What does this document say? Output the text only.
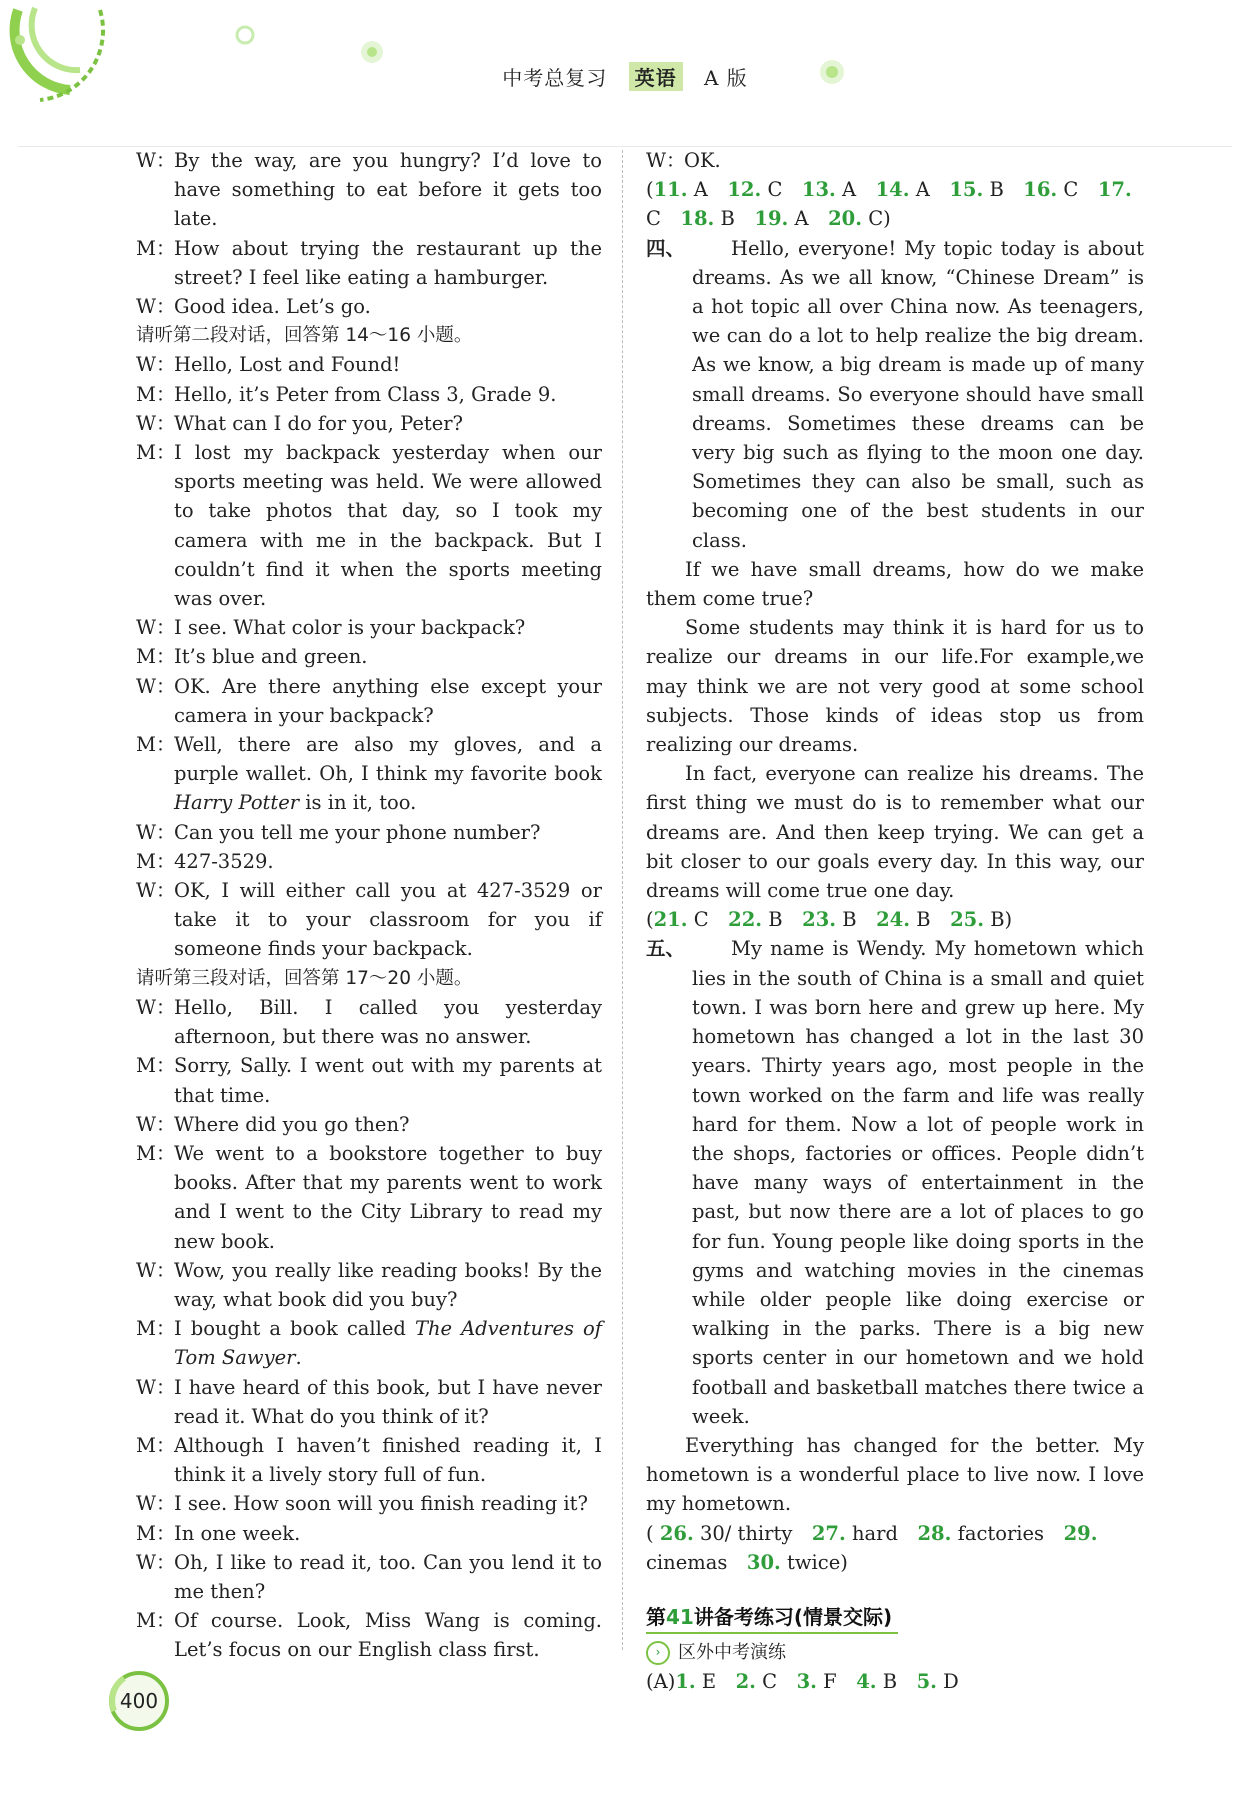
中考总复习 英语 A 版
W：
By the way, are you hungry? I’d love to have something to eat before it gets too late.
M：
How about trying the restaurant up the street? I feel like eating a hamburger.
W：
Good idea. Let’s go.
请听第二段对话，回答第 14～16 小题。
W：
Hello, Lost and Found!
M：
Hello, it’s Peter from Class 3, Grade 9.
W：
What can I do for you, Peter?
M：
I lost my backpack yesterday when our sports meeting was held. We were allowed to take photos that day, so I took my camera with me in the backpack. But I couldn’t find it when the sports meeting was over.
W：
I see. What color is your backpack?
M：
It’s blue and green.
W：
OK. Are there anything else except your camera in your backpack?
M：
Well, there are also my gloves, and a purple wallet. Oh, I think my favorite book Harry Potter is in it, too.
W：
Can you tell me your phone number?
M：
427-3529.
W：
OK, I will either call you at 427-3529 or take it to your classroom for you if someone finds your backpack.
请听第三段对话，回答第 17～20 小题。
W：
Hello, Bill. I called you yesterday afternoon, but there was no answer.
M：
Sorry, Sally. I went out with my parents at that time.
W：
Where did you go then?
M：
We went to a bookstore together to buy books. After that my parents went to work and I went to the City Library to read my new book.
W：
Wow, you really like reading books! By the way, what book did you buy?
M：
I bought a book called The Adventures of Tom Sawyer.
W：
I have heard of this book, but I have never read it. What do you think of it?
M：
Although I haven’t finished reading it, I think it a lively story full of fun.
W：
I see. How soon will you finish reading it?
M：
In one week.
W：
Oh, I like to read it, too. Can you lend it to me then?
M：
Of course. Look, Miss Wang is coming. Let’s focus on our English class first.
W：
OK.
(11. A  12. C  13. A  14. A  15. B  16. C  17. C  18. B  19. A  20. C) 
四、	Hello, everyone! My topic today is about dreams. As we all know, “Chinese Dream” is a hot topic all over China now. As teenagers, we can do a lot to help realize the big dream. As we know, a big dream is made up of many small dreams. So everyone should have small dreams. Sometimes these dreams can be very big such as flying to the moon one day. Sometimes they can also be small, such as becoming one of the best students in our class.
If we have small dreams, how do we make them come true?
Some students may think it is hard for us to realize our dreams in our life.For example,we may think we are not very good at some school subjects. Those kinds of ideas stop us from realizing our dreams.
In fact, everyone can realize his dreams. The first thing we must do is to remember what our dreams are. And then keep trying. We can get a bit closer to our goals every day. In this way, our dreams will come true one day.
(21. C  22. B  23. B  24. B  25. B) 
五、	My name is Wendy. My hometown which lies in the south of China is a small and quiet town. I was born here and grew up here. My hometown has changed a lot in the last 30 years. Thirty years ago, most people in the town worked on the farm and life was really hard for them. Now a lot of people work in the shops, factories or offices. People didn’t have many ways of entertainment in the past, but now there are a lot of places to go for fun. Young people like doing sports in the gyms and watching movies in the cinemas while older people like doing exercise or walking in the parks. There is a big new sports center in our hometown and we hold football and basketball matches there twice a week.
Everything has changed for the better. My hometown is a wonderful place to live now. I love my hometown.
( 26. 30/ thirty  27. hard  28. factories  29. cinemas  30. twice) 
第41讲备考练习(情景交际)
› 区外中考演练
(A)1. E  2. C  3. F  4. B  5. D 
400
